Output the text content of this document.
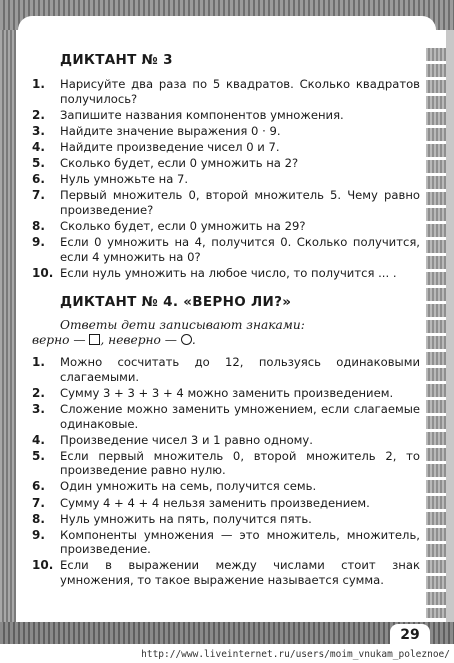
29
http://www.liveinternet.ru/users/moim_vnukam_poleznoe/
ДИКТАНТ № 3
1. Нарисуйте два раза по 5 квадратов. Сколько квадратов получилось?
2. Запишите названия компонентов умножения.
3. Найдите значение выражения 0 · 9.
4. Найдите произведение чисел 0 и 7.
5. Сколько будет, если 0 умножить на 2?
6. Нуль умножьте на 7.
7. Первый множитель 0, второй множитель 5. Чему равно произведение?
8. Сколько будет, если 0 умножить на 29?
9. Если 0 умножить на 4, получится 0. Сколько получится, если 4 умножить на 0?
10. Если нуль умножить на любое число, то получится ... .
ДИКТАНТ № 4. «ВЕРНО ЛИ?»
Ответы дети записывают знаками:
верно — , неверно — .
1. Можно сосчитать до 12, пользуясь одинаковыми слагаемыми.
2. Сумму 3 + 3 + 3 + 4 можно заменить произведением.
3. Сложение можно заменить умножением, если слагаемые одинаковые.
4. Произведение чисел 3 и 1 равно одному.
5. Если первый множитель 0, второй множитель 2, то произведение равно нулю.
6. Один умножить на семь, получится семь.
7. Сумму 4 + 4 + 4 нельзя заменить произведением.
8. Нуль умножить на пять, получится пять.
9. Компоненты умножения — это множитель, множитель, произведение.
10. Если в выражении между числами стоит знак умножения, то такое выражение называется сумма.
